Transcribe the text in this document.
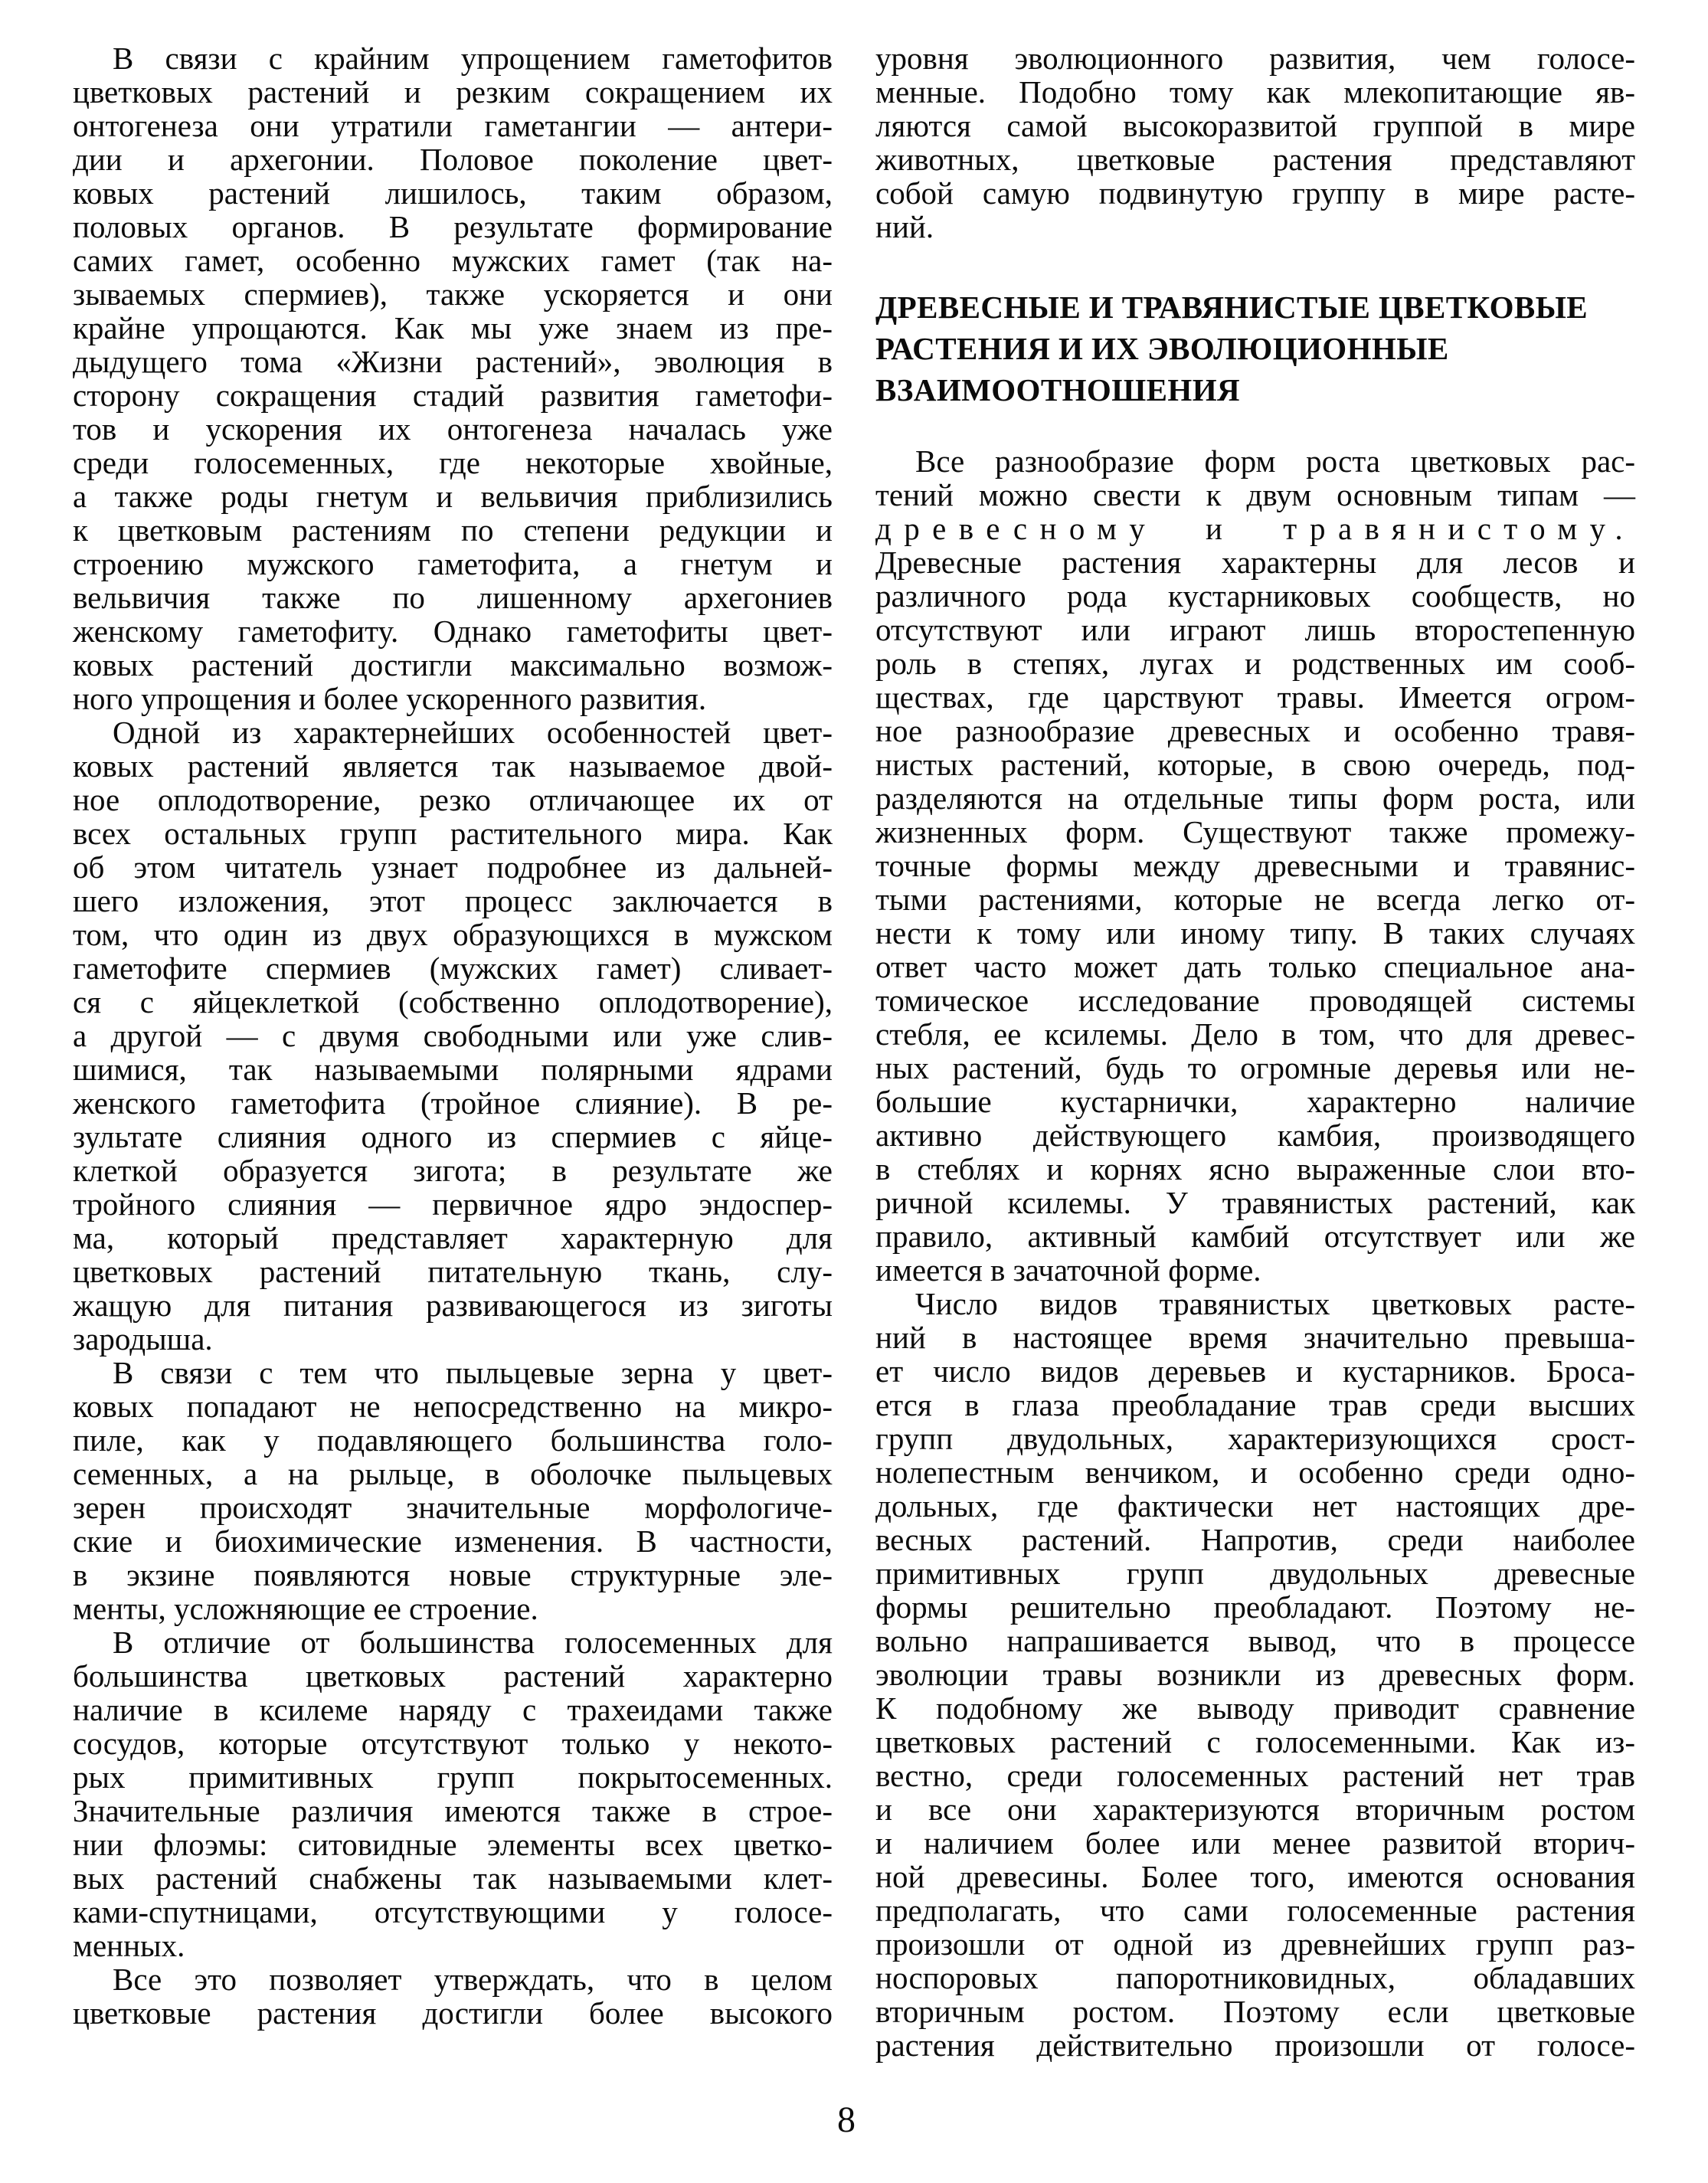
В связи с крайним упрощением гаметофитов
цветковых растений и резким сокращением их
онтогенеза они утратили гаметангии — антери-
дии и архегонии. Половое поколение цвет-
ковых растений лишилось, таким образом,
половых органов. В результате формирование
самих гамет, особенно мужских гамет (так на-
зываемых спермиев), также ускоряется и они
крайне упрощаются. Как мы уже знаем из пре-
дыдущего тома «Жизни растений», эволюция в
сторону сокращения стадий развития гаметофи-
тов и ускорения их онтогенеза началась уже
среди голосеменных, где некоторые хвойные,
а также роды гнетум и вельвичия приблизились
к цветковым растениям по степени редукции и
строению мужского гаметофита, а гнетум и
вельвичия также по лишенному архегониев
женскому гаметофиту. Однако гаметофиты цвет-
ковых растений достигли максимально возмож-
ного упрощения и более ускоренного развития.
Одной из характернейших особенностей цвет-
ковых растений является так называемое двой-
ное оплодотворение, резко отличающее их от
всех остальных групп растительного мира. Как
об этом читатель узнает подробнее из дальней-
шего изложения, этот процесс заключается в
том, что один из двух образующихся в мужском
гаметофите спермиев (мужских гамет) сливает-
ся с яйцеклеткой (собственно оплодотворение),
а другой — с двумя свободными или уже слив-
шимися, так называемыми полярными ядрами
женского гаметофита (тройное слияние). В ре-
зультате слияния одного из спермиев с яйце-
клеткой образуется зигота; в результате же
тройного слияния — первичное ядро эндоспер-
ма, который представляет характерную для
цветковых растений питательную ткань, слу-
жащую для питания развивающегося из зиготы
зародыша.
В связи с тем что пыльцевые зерна у цвет-
ковых попадают не непосредственно на микро-
пиле, как у подавляющего большинства голо-
семенных, а на рыльце, в оболочке пыльцевых
зерен происходят значительные морфологиче-
ские и биохимические изменения. В частности,
в экзине появляются новые структурные эле-
менты, усложняющие ее строение.
В отличие от большинства голосеменных для
большинства цветковых растений характерно
наличие в ксилеме наряду с трахеидами также
сосудов, которые отсутствуют только у некото-
рых примитивных групп покрытосеменных.
Значительные различия имеются также в строе-
нии флоэмы: ситовидные элементы всех цветко-
вых растений снабжены так называемыми клет-
ками-спутницами, отсутствующими у голосе-
менных.
Все это позволяет утверждать, что в целом
цветковые растения достигли более высокого
уровня эволюционного развития, чем голосе-
менные. Подобно тому как млекопитающие яв-
ляются самой высокоразвитой группой в мире
животных, цветковые растения представляют
собой самую подвинутую группу в мире расте-
ний.
ДРЕВЕСНЫЕ И ТРАВЯНИСТЫЕ ЦВЕТКОВЫЕ
РАСТЕНИЯ И ИХ ЭВОЛЮЦИОННЫЕ
ВЗАИМООТНОШЕНИЯ
Все разнообразие форм роста цветковых рас-
тений можно свести к двум основным типам —
древесному и травянистому.
Древесные растения характерны для лесов и
различного рода кустарниковых сообществ, но
отсутствуют или играют лишь второстепенную
роль в степях, лугах и родственных им сооб-
ществах, где царствуют травы. Имеется огром-
ное разнообразие древесных и особенно травя-
нистых растений, которые, в свою очередь, под-
разделяются на отдельные типы форм роста, или
жизненных форм. Существуют также промежу-
точные формы между древесными и травянис-
тыми растениями, которые не всегда легко от-
нести к тому или иному типу. В таких случаях
ответ часто может дать только специальное ана-
томическое исследование проводящей системы
стебля, ее ксилемы. Дело в том, что для древес-
ных растений, будь то огромные деревья или не-
большие кустарнички, характерно наличие
активно действующего камбия, производящего
в стеблях и корнях ясно выраженные слои вто-
ричной ксилемы. У травянистых растений, как
правило, активный камбий отсутствует или же
имеется в зачаточной форме.
Число видов травянистых цветковых расте-
ний в настоящее время значительно превыша-
ет число видов деревьев и кустарников. Броса-
ется в глаза преобладание трав среди высших
групп двудольных, характеризующихся срост-
нолепестным венчиком, и особенно среди одно-
дольных, где фактически нет настоящих дре-
весных растений. Напротив, среди наиболее
примитивных групп двудольных древесные
формы решительно преобладают. Поэтому не-
вольно напрашивается вывод, что в процессе
эволюции травы возникли из древесных форм.
К подобному же выводу приводит сравнение
цветковых растений с голосеменными. Как из-
вестно, среди голосеменных растений нет трав
и все они характеризуются вторичным ростом
и наличием более или менее развитой вторич-
ной древесины. Более того, имеются основания
предполагать, что сами голосеменные растения
произошли от одной из древнейших групп раз-
носпоровых папоротниковидных, обладавших
вторичным ростом. Поэтому если цветковые
растения действительно произошли от голосе-
8
